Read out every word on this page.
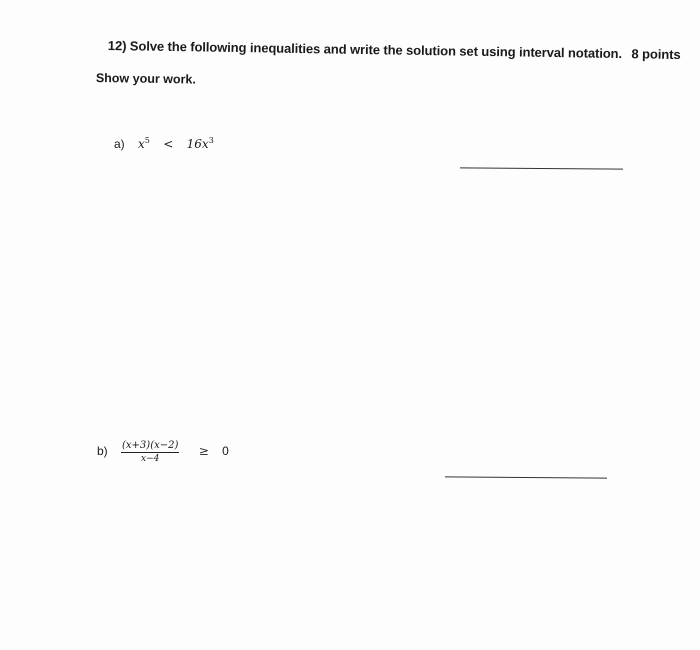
12) Solve the following inequalities and write the solution set using interval notation. 8 points
Show your work.
a) $x^5 < 16x^3$
$b) \frac{(x+3)(x-2)}{x-4} \ge 0$
